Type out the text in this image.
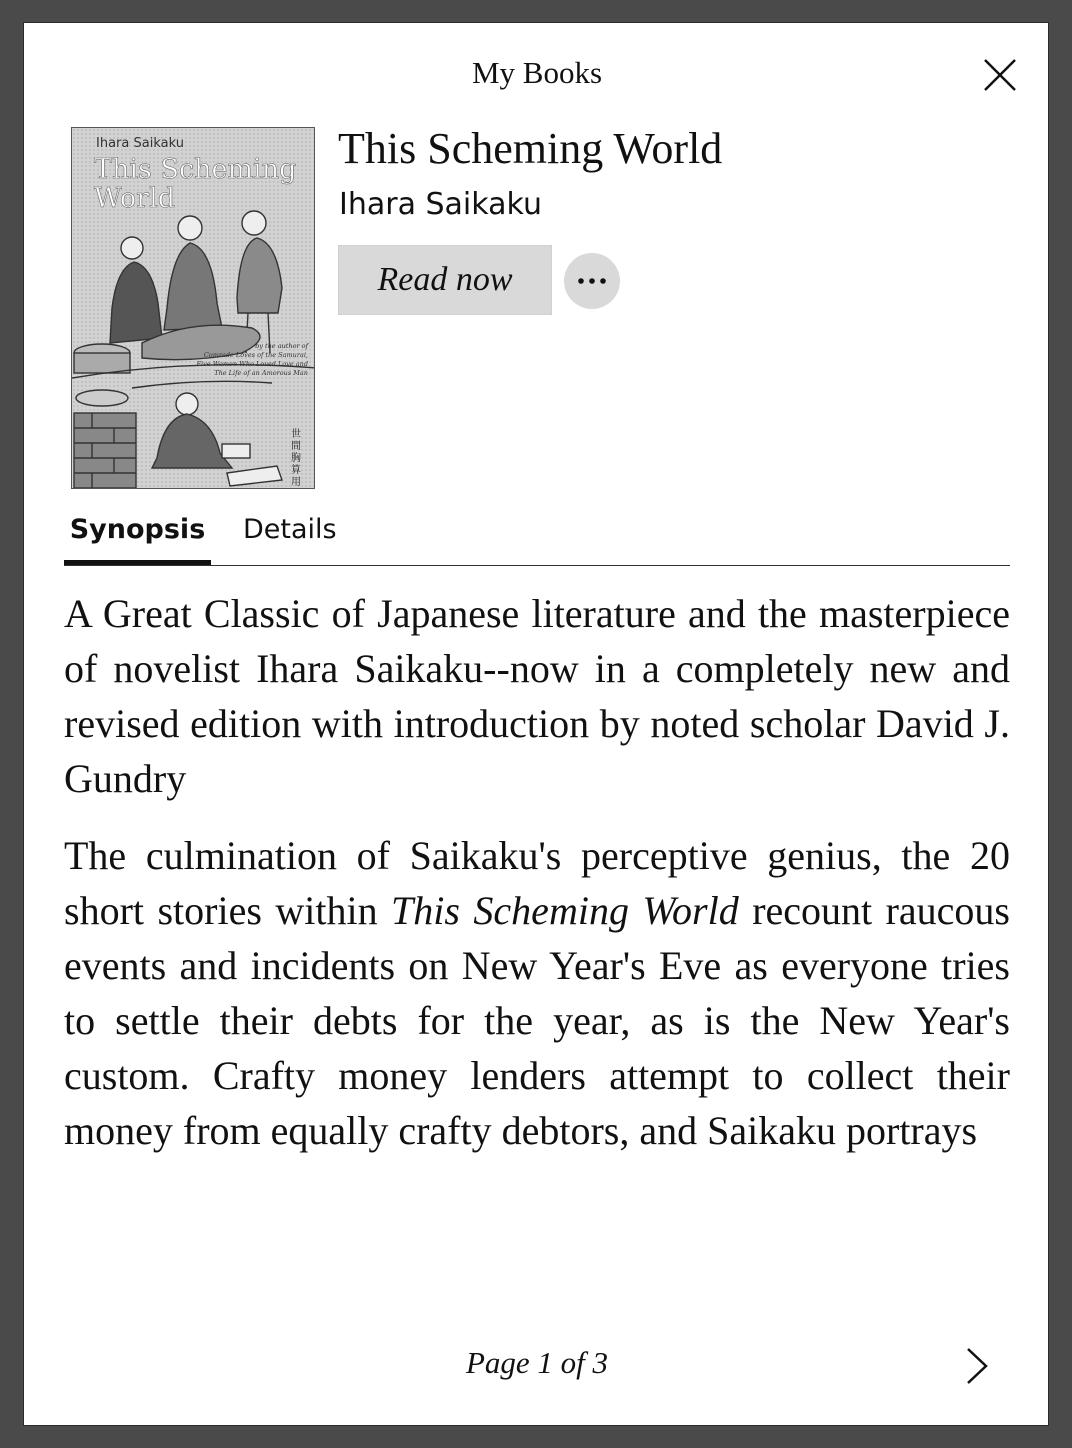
My Books
Ihara Saikaku
This Scheming
World
by the author of
Comrade Loves of the Samurai,
Five Women Who Loved Love and
The Life of an Amorous Man
世間胸算用
This Scheming World
Ihara Saikaku
Read now
Synopsis Details

A Great Classic of Japanese literature and the masterpiece of novelist Ihara Saikaku--now in a completely new and revised edition with introduction by noted scholar David J. Gundry

The culmination of Saikaku's perceptive genius, the 20 short stories within This Scheming World recount raucous events and incidents on New Year's Eve as everyone tries to settle their debts for the year, as is the New Year's custom. Crafty money lenders attempt to collect their money from equally crafty debtors, and Saikaku portrays

Page 1 of 3
